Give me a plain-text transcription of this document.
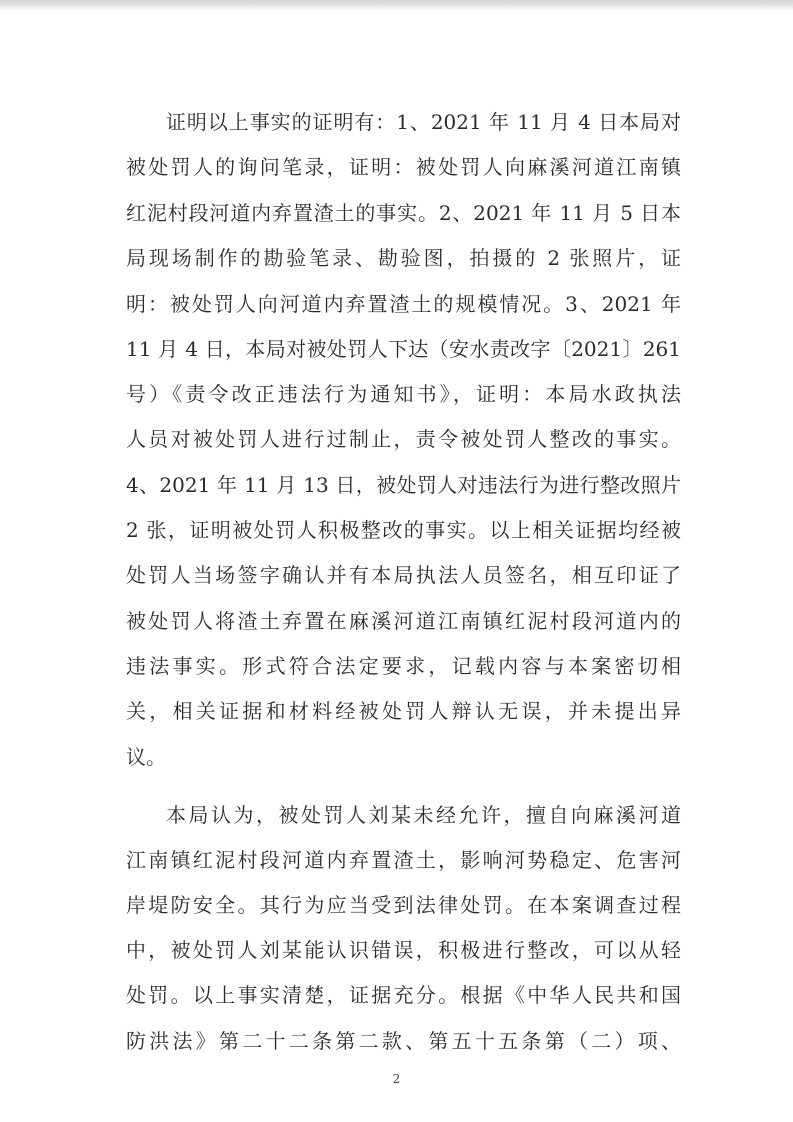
证明以上事实的证明有：1、2021 年 11 月 4 日本局对
被处罚人的询问笔录，证明：被处罚人向麻溪河道江南镇
红泥村段河道内弃置渣土的事实。2、2021 年 11 月 5 日本
局现场制作的勘验笔录、勘验图，拍摄的 2 张照片，证
明：被处罚人向河道内弃置渣土的规模情况。3、2021 年
11 月 4 日，本局对被处罚人下达（安水责改字〔2021〕261
号）《责令改正违法行为通知书》，证明：本局水政执法
人员对被处罚人进行过制止，责令被处罚人整改的事实。
4、2021 年 11 月 13 日，被处罚人对违法行为进行整改照片
2 张，证明被处罚人积极整改的事实。以上相关证据均经被
处罚人当场签字确认并有本局执法人员签名，相互印证了
被处罚人将渣土弃置在麻溪河道江南镇红泥村段河道内的
违法事实。形式符合法定要求，记载内容与本案密切相
关，相关证据和材料经被处罚人辩认无误，并未提出异
议。
本局认为，被处罚人刘某未经允许，擅自向麻溪河道
江南镇红泥村段河道内弃置渣土，影响河势稳定、危害河
岸堤防安全。其行为应当受到法律处罚。在本案调查过程
中，被处罚人刘某能认识错误，积极进行整改，可以从轻
处罚。以上事实清楚，证据充分。根据《中华人民共和国
防洪法》第二十二条第二款、第五十五条第（二）项、
2
